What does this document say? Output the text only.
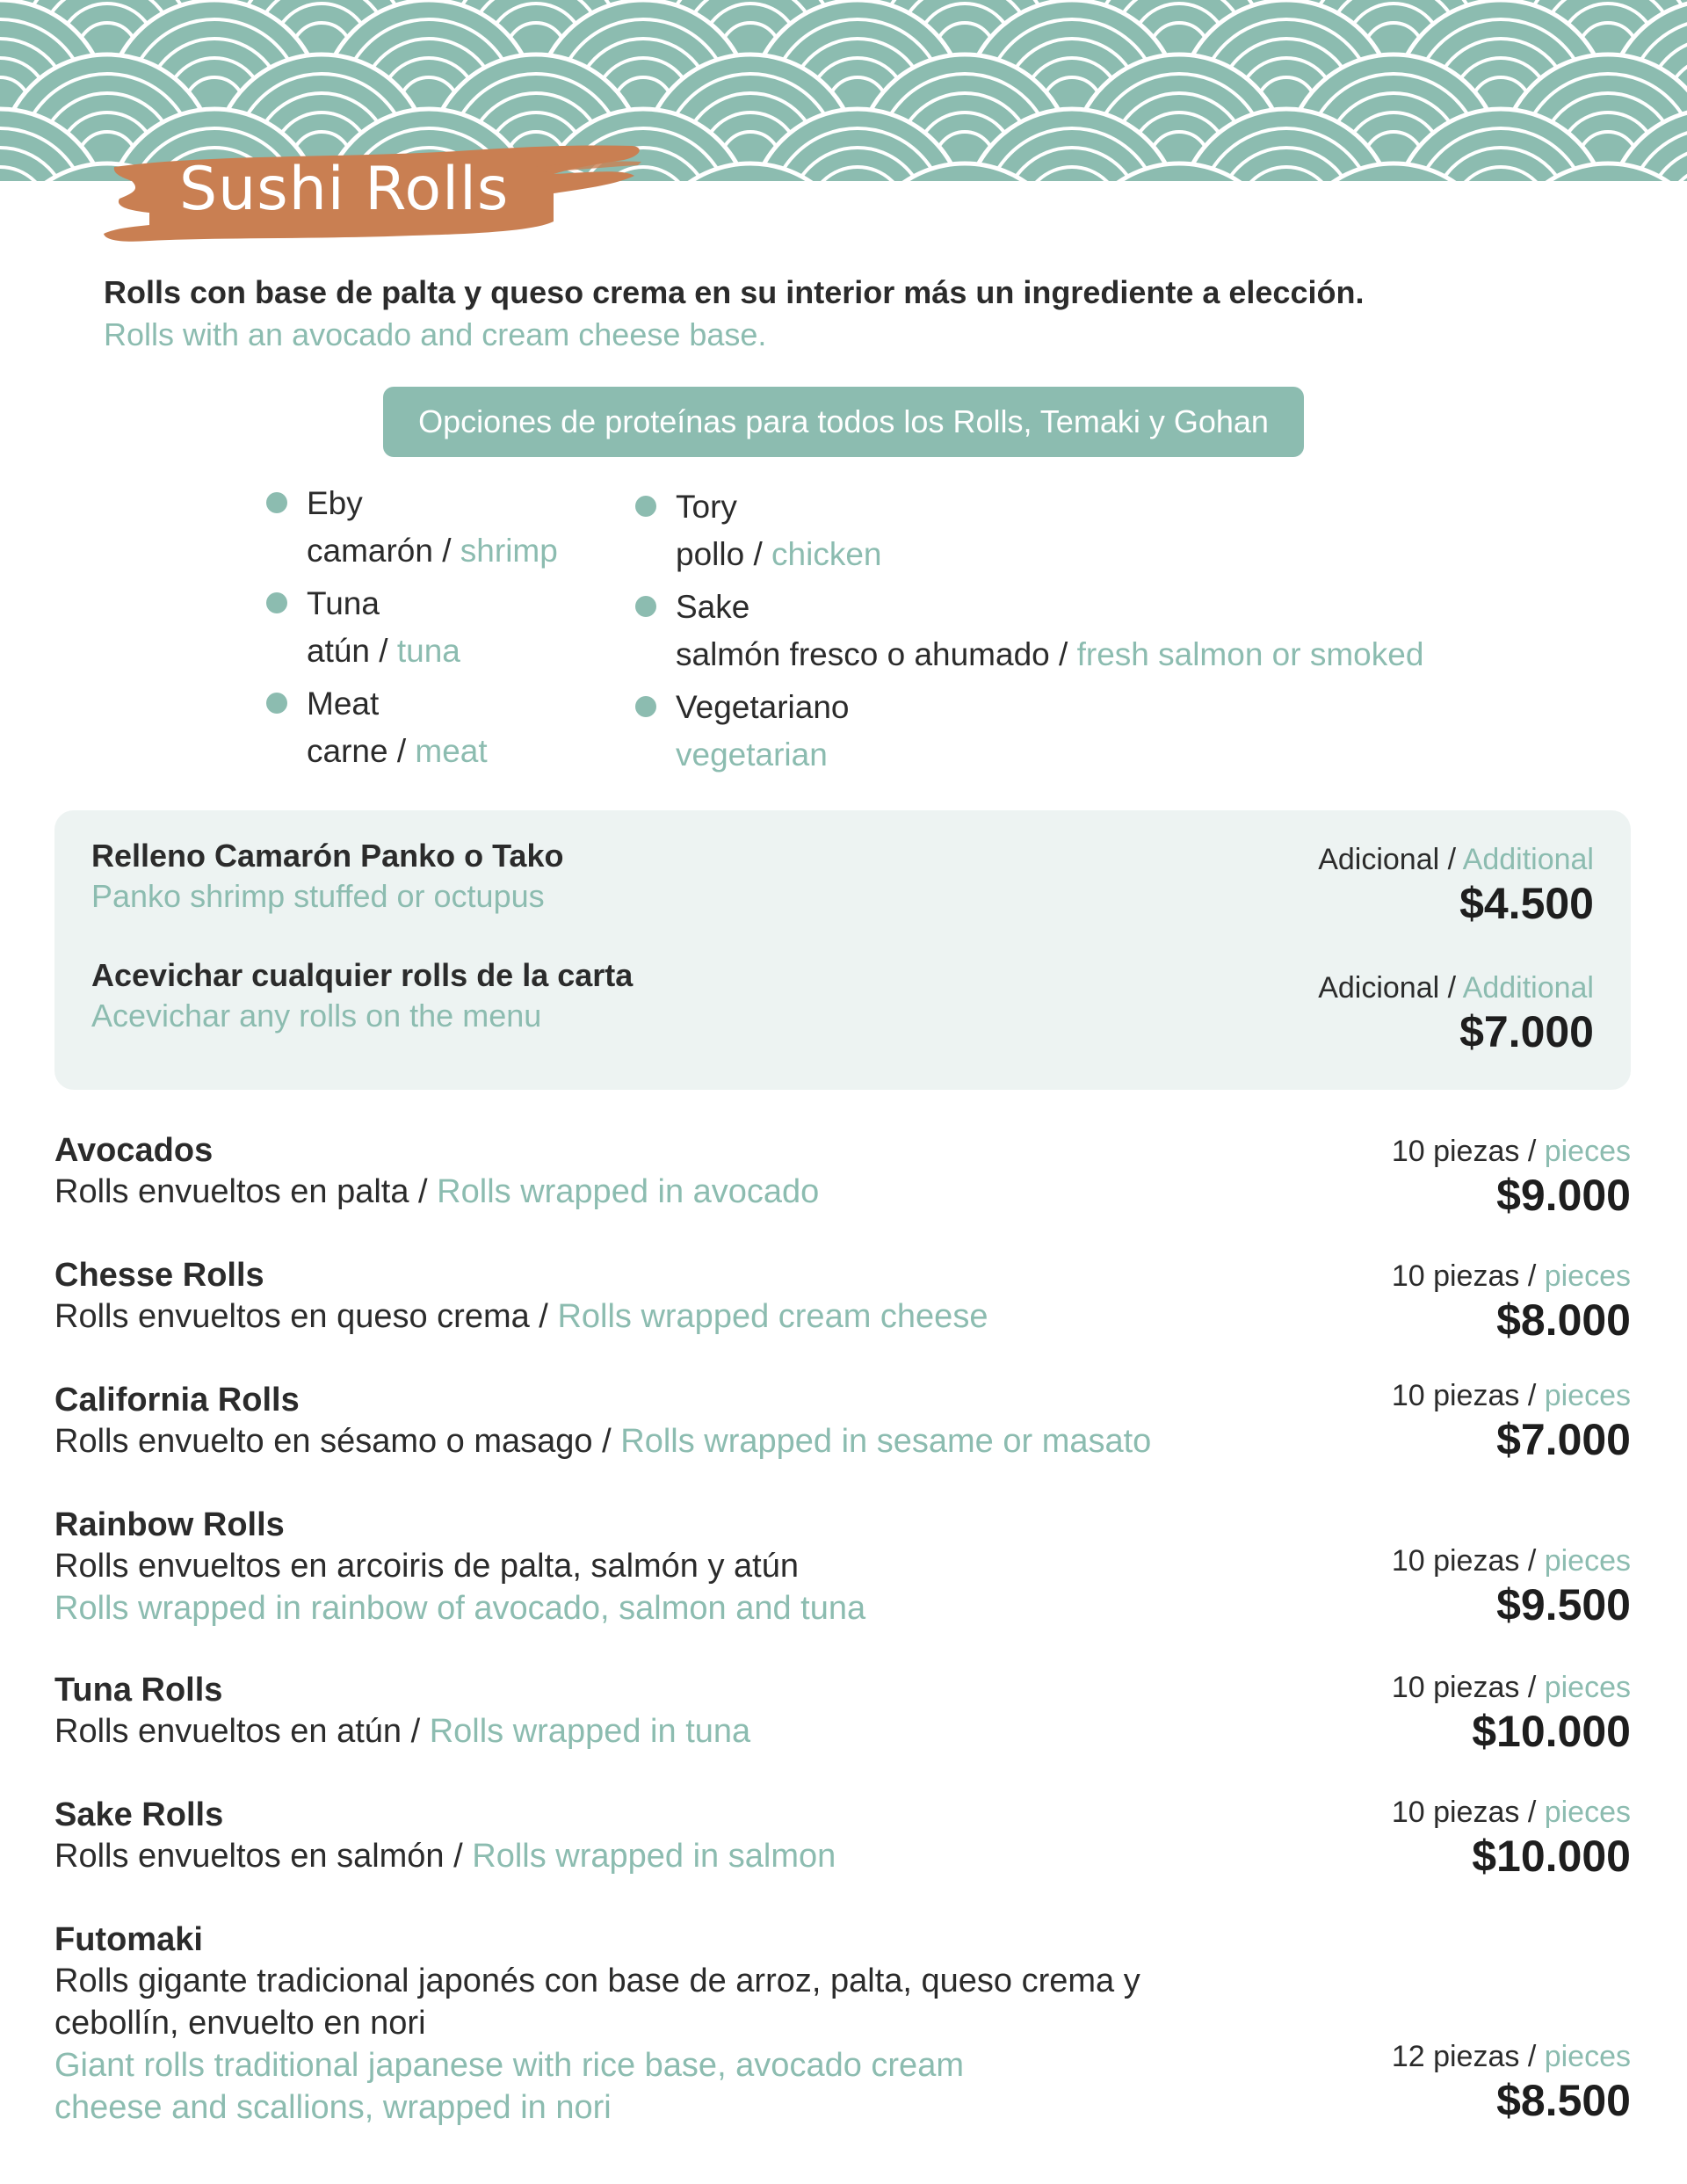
Sushi Rolls
Rolls con base de palta y queso crema en su interior más un ingrediente a elección.
Rolls with an avocado and cream cheese base.
Opciones de proteínas para todos los Rolls, Temaki y Gohan
Eby
camarón / shrimp
Tuna
atún / tuna
Meat
carne / meat
Tory
pollo / chicken
Sake
salmón fresco o ahumado / fresh salmon or smoked
Vegetariano
vegetarian
Relleno Camarón Panko o Tako
Panko shrimp stuffed or octupus
Adicional / Additional
$4.500
Acevichar cualquier rolls de la carta
Acevichar any rolls on the menu
Adicional / Additional
$7.000
Avocados
Rolls envueltos en palta / Rolls wrapped in avocado
10 piezas / pieces
$9.000
Chesse Rolls
Rolls envueltos en queso crema / Rolls wrapped cream cheese
10 piezas / pieces
$8.000
California Rolls
Rolls envuelto en sésamo o masago / Rolls wrapped in sesame or masato
10 piezas / pieces
$7.000
Rainbow Rolls
Rolls envueltos en arcoiris de palta, salmón y atún
Rolls wrapped in rainbow of avocado, salmon and tuna
10 piezas / pieces
$9.500
Tuna Rolls
Rolls envueltos en atún / Rolls wrapped in tuna
10 piezas / pieces
$10.000
Sake Rolls
Rolls envueltos en salmón / Rolls wrapped in salmon
10 piezas / pieces
$10.000
Futomaki
Rolls gigante tradicional japonés con base de arroz, palta, queso crema y
cebollín, envuelto en nori
Giant rolls traditional japanese with rice base, avocado cream
cheese and scallions, wrapped in nori
12 piezas / pieces
$8.500
